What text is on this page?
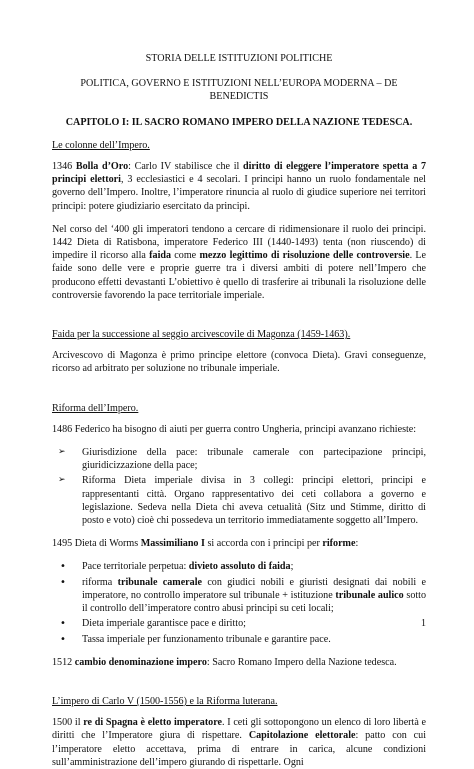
STORIA DELLE ISTITUZIONI POLITICHE
POLITICA, GOVERNO E ISTITUZIONI NELL’EUROPA MODERNA – DE BENEDICTIS
CAPITOLO I: IL SACRO ROMANO IMPERO DELLA NAZIONE TEDESCA.
Le colonne dell’Impero.

1346 Bolla d’Oro: Carlo IV stabilisce che il diritto di eleggere l’imperatore spetta a 7 principi elettori, 3 ecclesiastici e 4 secolari. I principi hanno un ruolo fondamentale nel governo dell’Impero. Inoltre, l’imperatore rinuncia al ruolo di giudice superiore nei territori principi: potere giudiziario esercitato da principi.

Nel corso del ‘400 gli imperatori tendono a cercare di ridimensionare il ruolo dei principi. 1442 Dieta di Ratisbona, imperatore Federico III (1440-1493) tenta (non riuscendo) di impedire il ricorso alla faida come mezzo legittimo di risoluzione delle controversie. Le faide sono delle vere e proprie guerre tra i diversi ambiti di potere nell’Impero che producono effetti devastanti L’obiettivo è quello di trasferire ai tribunali la risoluzione delle controversie favorendo la pace territoriale imperiale.

Faida per la successione al seggio arcivescovile di Magonza (1459-1463).

Arcivescovo di Magonza è primo principe elettore (convoca Dieta). Gravi conseguenze, ricorso ad arbitrato per soluzione no tribunale imperiale.

Riforma dell’Impero.

1486 Federico ha bisogno di aiuti per guerra contro Ungheria, principi avanzano richieste:

➢ Giurisdizione della pace: tribunale camerale con partecipazione principi, giuridicizzazione della pace;
➢ Riforma Dieta imperiale divisa in 3 collegi: principi elettori, principi e rappresentanti città. Organo rappresentativo dei ceti collabora a governo e legislazione. Sedeva nella Dieta chi aveva cetualità (Sitz und Stimme, diritto di posto e voto) cioè chi possedeva un territorio immediatamente soggetto all’Impero.

1495 Dieta di Worms Massimiliano I si accorda con i principi per riforme:

• Pace territoriale perpetua: divieto assoluto di faida;
• riforma tribunale camerale con giudici nobili e giuristi designati dai nobili e imperatore, no controllo imperatore sul tribunale + istituzione tribunale aulico sotto il controllo dell’imperatore contro abusi principi su ceti locali;
• Dieta imperiale garantisce pace e diritto;
• Tassa imperiale per funzionamento tribunale e garantire pace.

1512 cambio denominazione impero: Sacro Romano Impero della Nazione tedesca.

L’impero di Carlo V (1500-1556) e la Riforma luterana.

1500 il re di Spagna è eletto imperatore. I ceti gli sottopongono un elenco di loro libertà e diritti che l’Imperatore giura di rispettare. Capitolazione elettorale: patto con cui l’imperatore eletto accettava, prima di entrare in carica, alcune condizioni sull’amministrazione dell’impero giurando di rispettarle. Ogni

1
